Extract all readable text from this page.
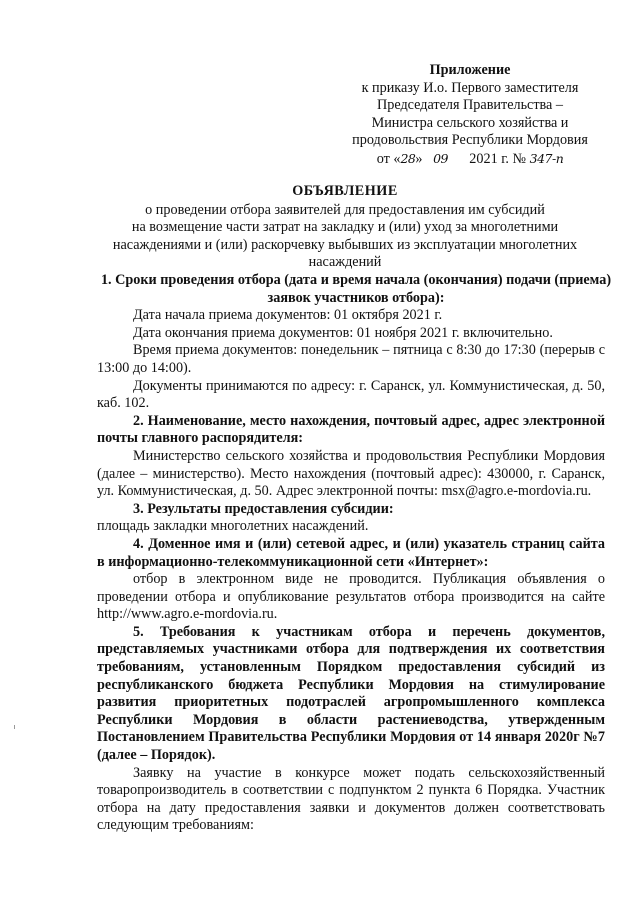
Приложение
к приказу И.о. Первого заместителя
Председателя Правительства –
Министра сельского хозяйства и
продовольствия Республики Мордовия
от «28»   09 2021 г. № 347-п
ОБЪЯВЛЕНИЕ
о проведении отбора заявителей для предоставления им субсидий
на возмещение части затрат на закладку и (или) уход за многолетними
насаждениями и (или) раскорчевку выбывших из эксплуатации многолетних
насаждений

1. Сроки проведения отбора (дата и время начала (окончания) подачи (приема) заявок участников отбора):

Дата начала приема документов: 01 октября 2021 г.

Дата окончания приема документов: 01 ноября 2021 г. включительно.

Время приема документов: понедельник – пятница с 8:30 до 17:30 (перерыв с 13:00 до 14:00).

Документы принимаются по адресу: г. Саранск, ул. Коммунистическая, д. 50, каб. 102.

2. Наименование, место нахождения, почтовый адрес, адрес электронной почты главного распорядителя:

Министерство сельского хозяйства и продовольствия Республики Мордовия (далее – министерство). Место нахождения (почтовый адрес): 430000, г. Саранск, ул. Коммунистическая, д. 50. Адрес электронной почты: msx@agro.e-mordovia.ru.

3. Результаты предоставления субсидии:

площадь закладки многолетних насаждений.

4. Доменное имя и (или) сетевой адрес, и (или) указатель страниц сайта в информационно-телекоммуникационной сети «Интернет»:

отбор в электронном виде не проводится. Публикация объявления о проведении отбора и опубликование результатов отбора производится на сайте http://www.agro.e-mordovia.ru.

5. Требования к участникам отбора и перечень документов, представляемых участниками отбора для подтверждения их соответствия требованиям, установленным Порядком предоставления субсидий из республиканского бюджета Республики Мордовия на стимулирование развития приоритетных подотраслей агропромышленного комплекса Республики Мордовия в области растениеводства, утвержденным Постановлением Правительства Республики Мордовия от 14 января 2020г №7 (далее – Порядок).

Заявку на участие в конкурсе может подать сельскохозяйственный товаропроизводитель в соответствии с подпунктом 2 пункта 6 Порядка. Участник отбора на дату предоставления заявки и документов должен соответствовать следующим требованиям:
